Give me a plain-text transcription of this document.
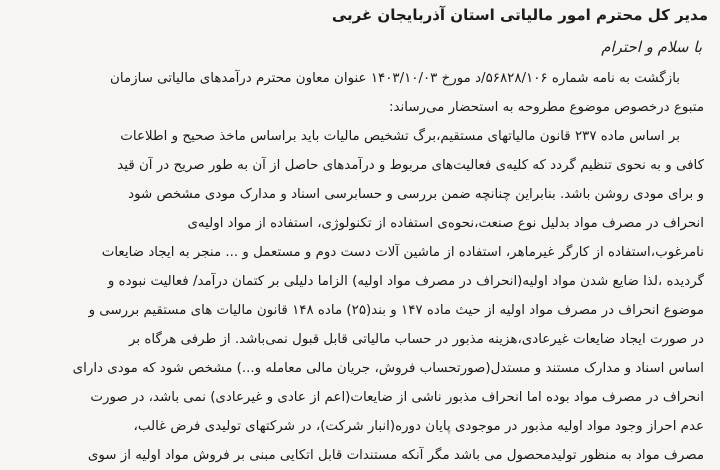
مدیر کل محترم امور مالیاتی استان آذربایجان غربی
با سلام و احترام
بازگشت به نامه شماره ۵۶۸۲۸/۱۰۶/د مورخ ۱۴۰۳/۱۰/۰۳ عنوان معاون محترم درآمدهای مالیاتی سازمان
متبوع درخصوص موضوع مطروحه به استحضار می‌رساند:
بر اساس ماده ۲۳۷ قانون مالیاتهای مستقیم،برگ تشخیص مالیات باید براساس ماخذ صحیح و اطلاعات
کافی و به نحوی تنظیم گردد که کلیه‌ی فعالیت‌های مربوط و درآمدهای حاصل از آن به طور صریح در آن قید
و برای مودی روشن باشد. بنابراین چنانچه ضمن بررسی و حسابرسی اسناد و مدارک مودی مشخص شود
انحراف در مصرف مواد بدلیل نوع صنعت،نحوه‌ی استفاده از تکنولوژی، استفاده از مواد اولیه‌ی
نامرغوب،استفاده از کارگر غیرماهر، استفاده از ماشین آلات دست دوم و مستعمل و ... منجر به ایجاد ضایعات
گردیده ،لذا ضایع شدن مواد اولیه(انحراف در مصرف مواد اولیه) الزاما دلیلی بر کتمان درآمد/ فعالیت نبوده و
موضوع انحراف در مصرف مواد اولیه از حیث ماده ۱۴۷ و بند(۲۵) ماده ۱۴۸ قانون مالیات های مستقیم بررسی و
در صورت ایجاد ضایعات غیرعادی،هزینه مذبور در حساب مالیاتی قابل قبول نمی‌باشد. از طرفی هرگاه بر
اساس اسناد و مدارک مستند و مستدل(صورتحساب فروش، جریان مالی معامله و...) مشخص شود که مودی دارای
انحراف در مصرف مواد بوده اما انحراف مذبور ناشی از ضایعات(اعم از عادی و غیرعادی) نمی باشد، در صورت
عدم احراز وجود مواد اولیه مذبور در موجودی پایان دوره(انبار شرکت)، در شرکتهای تولیدی فرض غالب،
مصرف مواد به منظور تولیدمحصول می باشد مگر آنکه مستندات قابل اتکایی مبنی بر فروش مواد اولیه از سوی
